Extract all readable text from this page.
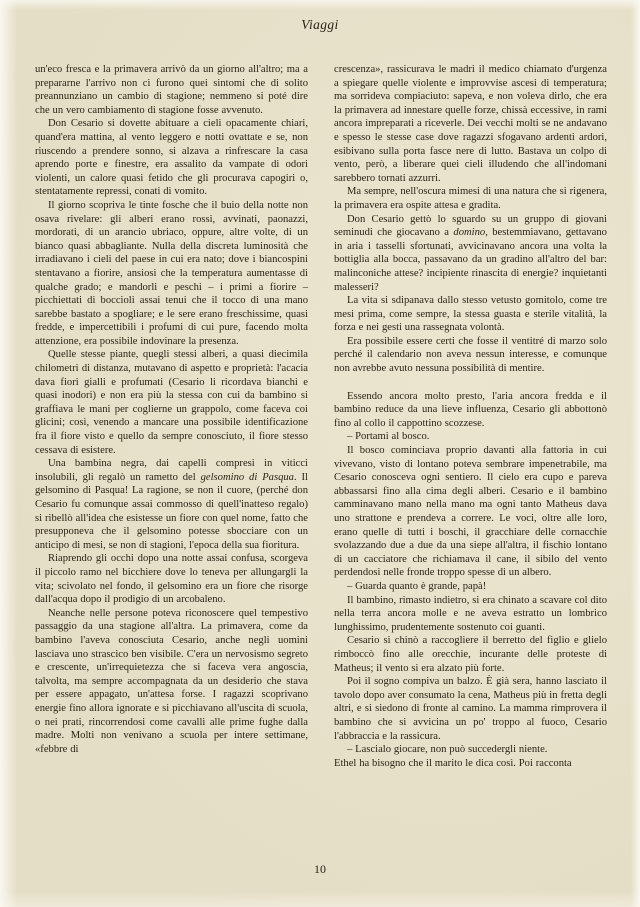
Viaggi

un'eco fresca e la primavera arrivò da un giorno all'altro; ma a prepararne l'arrivo non ci furono quei sintomi che di solito preannunziano un cambio di stagione; nemmeno si poté dire che un vero cambiamento di stagione fosse avvenuto.

Don Cesario si dovette abituare a cieli opacamente chiari, quand'era mattina, al vento leggero e notti ovattate e se, non riuscendo a prendere sonno, si alzava a rinfrescare la casa aprendo porte e finestre, era assalito da vampate di odori violenti, un calore quasi fetido che gli procurava capogiri o, stentatamente repressi, conati di vomito.

Il giorno scopriva le tinte fosche che il buio della notte non osava rivelare: gli alberi erano rossi, avvinati, paonazzi, mordorati, di un arancio ubriaco, oppure, altre volte, di un bianco quasi abbagliante. Nulla della discreta luminosità che irradiavano i cieli del paese in cui era nato; dove i biancospini stentavano a fiorire, ansiosi che la temperatura aumentasse di qualche grado; e mandorli e peschi – i primi a fiorire – picchiettati di boccioli assai tenui che il tocco di una mano sarebbe bastato a spogliare; e le sere erano freschissime, quasi fredde, e impercettibili i profumi di cui pure, facendo molta attenzione, era possibile indovinare la presenza.

Quelle stesse piante, quegli stessi alberi, a quasi diecimila chilometri di distanza, mutavano di aspetto e proprietà: l'acacia dava fiori gialli e profumati (Cesario li ricordava bianchi e quasi inodori) e non era più la stessa con cui da bambino si graffiava le mani per coglierne un grappolo, come faceva coi glicini; così, venendo a mancare una possibile identificazione fra il fiore visto e quello da sempre conosciuto, il fiore stesso cessava di esistere.

Una bambina negra, dai capelli compresi in viticci insolubili, gli regalò un rametto del gelsomino di Pasqua. Il gelsomino di Pasqua! La ragione, se non il cuore, (perché don Cesario fu comunque assai commosso di quell'inatteso regalo) si ribellò all'idea che esistesse un fiore con quel nome, fatto che presupponeva che il gelsomino potesse sbocciare con un anticipo di mesi, se non di stagioni, l'epoca della sua fioritura.

Riaprendo gli occhi dopo una notte assai confusa, scorgeva il piccolo ramo nel bicchiere dove lo teneva per allungargli la vita; scivolato nel fondo, il gelsomino era un fiore che risorge dall'acqua dopo il prodigio di un arcobaleno.

Neanche nelle persone poteva riconoscere quel tempestivo passaggio da una stagione all'altra. La primavera, come da bambino l'aveva conosciuta Cesario, anche negli uomini lasciava uno strascico ben visibile. C'era un nervosismo segreto e crescente, un'irrequietezza che si faceva vera angoscia, talvolta, ma sempre accompagnata da un desiderio che stava per essere appagato, un'attesa forse. I ragazzi scoprivano energie fino allora ignorate e si picchiavano all'uscita di scuola, o nei prati, rincorrendosi come cavalli alle prime fughe dalla madre. Molti non venivano a scuola per intere settimane, «febbre di

crescenza», rassicurava le madri il medico chiamato d'urgenza a spiegare quelle violente e improvvise ascesi di temperatura; ma sorrideva compiaciuto: sapeva, e non voleva dirlo, che era la primavera ad innestare quelle forze, chissà eccessive, in rami ancora impreparati a riceverle. Dei vecchi molti se ne andavano e spesso le stesse case dove ragazzi sfogavano ardenti ardori, esibivano sulla porta fasce nere di lutto. Bastava un colpo di vento, però, a liberare quei cieli illudendo che all'indomani sarebbero tornati azzurri.

Ma sempre, nell'oscura mimesi di una natura che si rigenera, la primavera era ospite attesa e gradita.

Don Cesario gettò lo sguardo su un gruppo di giovani seminudi che giocavano a domino, bestemmiavano, gettavano in aria i tasselli sfortunati, avvicinavano ancora una volta la bottiglia alla bocca, passavano da un gradino all'altro del bar: malinconiche attese? incipiente rinascita di energie? inquietanti malesseri?

La vita si sdipanava dallo stesso vetusto gomitolo, come tre mesi prima, come sempre, la stessa guasta e sterile vitalità, la forza e nei gesti una rassegnata volontà.

Era possibile essere certi che fosse il ventitré di marzo solo perché il calendario non aveva nessun interesse, e comunque non avrebbe avuto nessuna possibilità di mentire.

Essendo ancora molto presto, l'aria ancora fredda e il bambino reduce da una lieve influenza, Cesario gli abbottonò fino al collo il cappottino scozzese.

– Portami al bosco.

Il bosco cominciava proprio davanti alla fattoria in cui vivevano, visto di lontano poteva sembrare impenetrabile, ma Cesario conosceva ogni sentiero. Il cielo era cupo e pareva abbassarsi fino alla cima degli alberi. Cesario e il bambino camminavano mano nella mano ma ogni tanto Matheus dava uno strattone e prendeva a correre. Le voci, oltre alle loro, erano quelle di tutti i boschi, il gracchiare delle cornacchie svolazzando due a due da una siepe all'altra, il fischio lontano di un cacciatore che richiamava il cane, il sibilo del vento perdendosi nelle fronde troppo spesse di un albero.

– Guarda quanto è grande, papà!

Il bambino, rimasto indietro, si era chinato a scavare col dito nella terra ancora molle e ne aveva estratto un lombrico lunghissimo, prudentemente sostenuto coi guanti.

Cesario si chinò a raccogliere il berretto del figlio e glielo rimboccò fino alle orecchie, incurante delle proteste di Matheus; il vento si era alzato più forte.

Poi il sogno compiva un balzo. È già sera, hanno lasciato il tavolo dopo aver consumato la cena, Matheus più in fretta degli altri, e si siedono di fronte al camino. La mamma rimprovera il bambino che si avvicina un po' troppo al fuoco, Cesario l'abbraccia e la rassicura.

– Lascialo giocare, non può succedergli niente.

Ethel ha bisogno che il marito le dica così. Poi racconta

10
